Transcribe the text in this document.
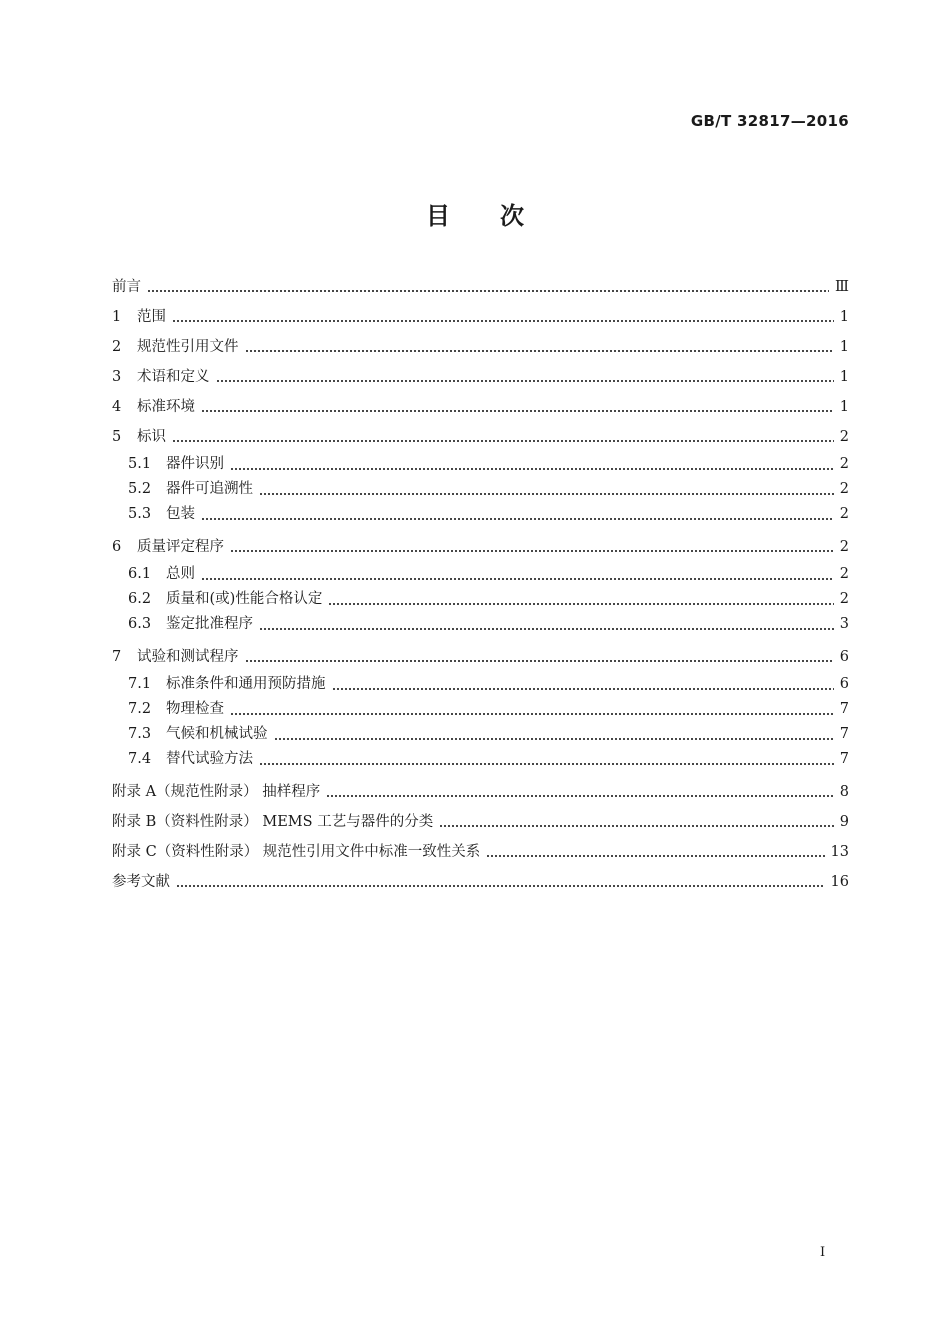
GB/T 32817—2016
目次
前言	Ⅲ
1 范围	1
2 规范性引用文件	1
3 术语和定义	1
4 标准环境	1
5 标识	2
5.1 器件识别	2
5.2 器件可追溯性	2
5.3 包装	2
6 质量评定程序	2
6.1 总则	2
6.2 质量和(或)性能合格认定	2
6.3 鉴定批准程序	3
7 试验和测试程序	6
7.1 标准条件和通用预防措施	6
7.2 物理检查	7
7.3 气候和机械试验	7
7.4 替代试验方法	7
附录 A（规范性附录） 抽样程序	8
附录 B（资料性附录） MEMS 工艺与器件的分类	9
附录 C（资料性附录） 规范性引用文件中标准一致性关系	13
参考文献	16
I
